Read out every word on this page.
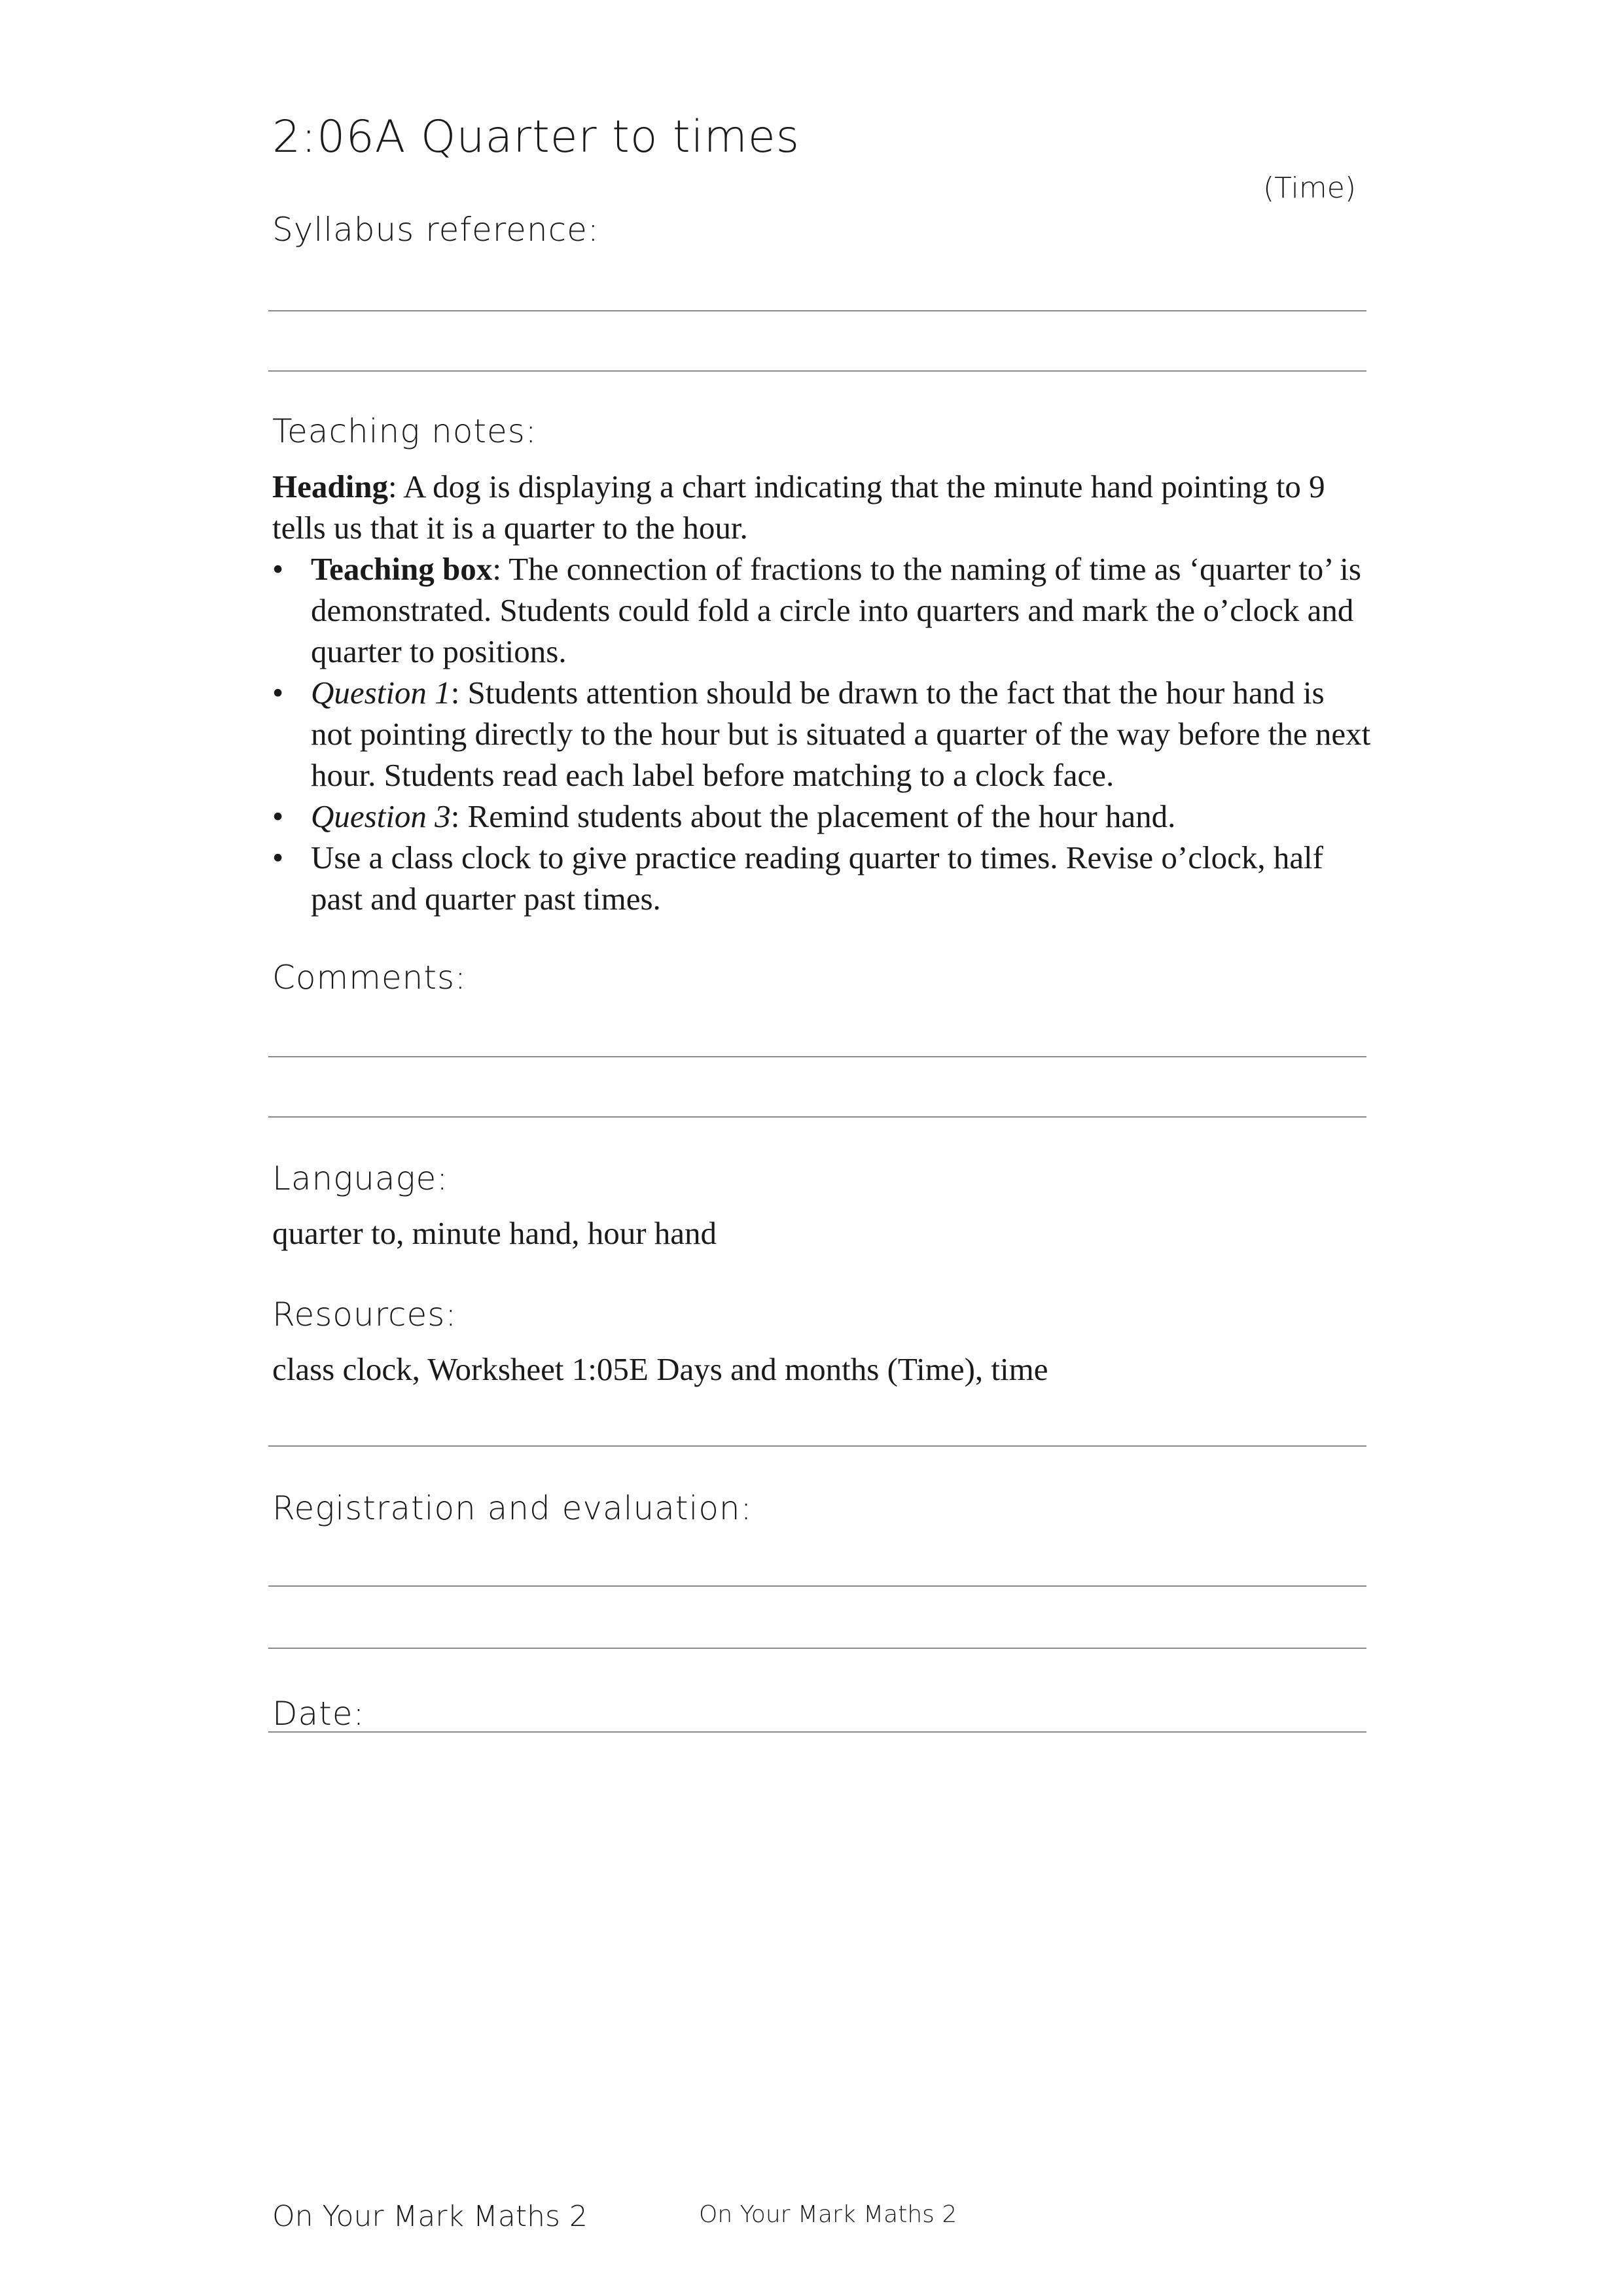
2:06A Quarter to times
(Time)
Syllabus reference:
Teaching notes:

Heading: A dog is displaying a chart indicating that the minute hand pointing to 9 tells us that it is a quarter to the hour.

• Teaching box: The connection of fractions to the naming of time as ‘quarter to’ is demonstrated. Students could fold a circle into quarters and mark the o’clock and quarter to positions.
• Question 1: Students attention should be drawn to the fact that the hour hand is not pointing directly to the hour but is situated a quarter of the way before the next hour. Students read each label before matching to a clock face.
• Question 3: Remind students about the placement of the hour hand.
• Use a class clock to give practice reading quarter to times. Revise o’clock, half past and quarter past times.
Comments:
Language:
quarter to, minute hand, hour hand
Resources:
class clock, Worksheet 1:05E Days and months (Time), time
Registration and evaluation:
Date:
On Your Mark Maths 2	On Your Mark Maths 2
